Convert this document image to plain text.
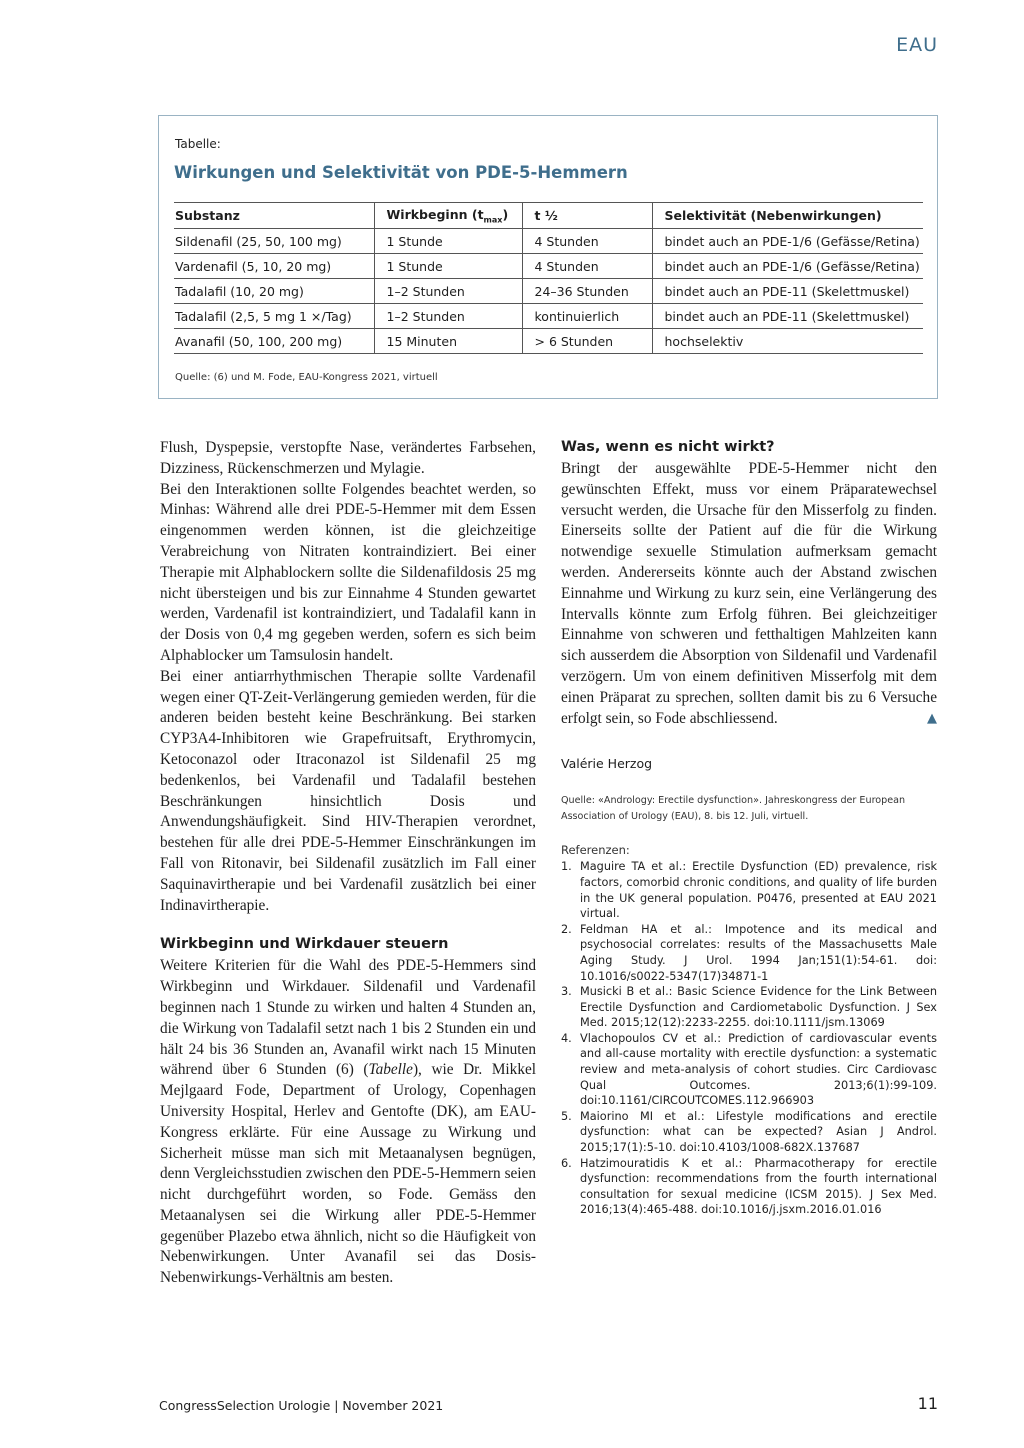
EAU
Tabelle:
Wirkungen und Selektivität von PDE-5-Hemmern
Substanz	Wirkbeginn $(t_{max})$	t ½	Selektivität (Nebenwirkungen)
Sildenafil (25, 50, 100 mg)	1 Stunde	4 Stunden	bindet auch an PDE-1/6 (Gefässe/Retina)
Vardenafil (5, 10, 20 mg)	1 Stunde	4 Stunden	bindet auch an PDE-1/6 (Gefässe/Retina)
Tadalafil (10, 20 mg)	1–2 Stunden	24–36 Stunden	bindet auch an PDE-11 (Skelettmuskel)
Tadalafil (2,5, 5 mg 1 ×/Tag)	1–2 Stunden	kontinuierlich	bindet auch an PDE-11 (Skelettmuskel)
Avanafil (50, 100, 200 mg)	15 Minuten	> 6 Stunden	hochselektiv
Quelle: (6) und M. Fode, EAU-Kongress 2021, virtuell

Flush, Dyspepsie, verstopfte Nase, verändertes Farbsehen, Dizziness, Rückenschmerzen und Mylagie.

Bei den Interaktionen sollte Folgendes beachtet werden, so Minhas: Während alle drei PDE-5-Hemmer mit dem Essen eingenommen werden können, ist die gleichzeitige Verabreichung von Nitraten kontraindiziert. Bei einer Therapie mit Alphablockern sollte die Sildenafildosis 25 mg nicht übersteigen und bis zur Einnahme 4 Stunden gewartet werden, Vardenafil ist kontraindiziert, und Tadalafil kann in der Dosis von 0,4 mg gegeben werden, sofern es sich beim Alphablocker um Tamsulosin handelt.

Bei einer antiarrhythmischen Therapie sollte Vardenafil wegen einer QT-Zeit-Verlängerung gemieden werden, für die anderen beiden besteht keine Beschränkung. Bei starken CYP3A4-Inhibitoren wie Grapefruitsaft, Erythromycin, Ketoconazol oder Itraconazol ist Sildenafil 25 mg bedenkenlos, bei Vardenafil und Tadalafil bestehen Beschränkungen hinsichtlich Dosis und Anwendungshäufigkeit. Sind HIV-Therapien verordnet, bestehen für alle drei PDE-5-Hemmer Einschränkungen im Fall von Ritonavir, bei Sildenafil zusätzlich im Fall einer Saquinavirtherapie und bei Vardenafil zusätzlich bei einer Indinavirtherapie.

Wirkbeginn und Wirkdauer steuern

Weitere Kriterien für die Wahl des PDE-5-Hemmers sind Wirkbeginn und Wirkdauer. Sildenafil und Vardenafil beginnen nach 1 Stunde zu wirken und halten 4 Stunden an, die Wirkung von Tadalafil setzt nach 1 bis 2 Stunden ein und hält 24 bis 36 Stunden an, Avanafil wirkt nach 15 Minuten während über 6 Stunden (6) (Tabelle), wie Dr. Mikkel Mejlgaard Fode, Department of Urology, Copenhagen University Hospital, Herlev and Gentofte (DK), am EAU-Kongress erklärte. Für eine Aussage zu Wirkung und Sicherheit müsse man sich mit Metaanalysen begnügen, denn Vergleichsstudien zwischen den PDE-5-Hemmern seien nicht durchgeführt worden, so Fode. Gemäss den Metaanalysen sei die Wirkung aller PDE-5-Hemmer gegenüber Plazebo etwa ähnlich, nicht so die Häufigkeit von Nebenwirkungen. Unter Avanafil sei das Dosis-Nebenwirkungs-Verhältnis am besten.

Was, wenn es nicht wirkt?
Bringt der ausgewählte PDE-5-Hemmer nicht den gewünschten Effekt, muss vor einem Präparatewechsel versucht werden, die Ursache für den Misserfolg zu finden. Einerseits sollte der Patient auf die für die Wirkung notwendige sexuelle Stimulation aufmerksam gemacht werden. Andererseits könnte auch der Abstand zwischen Einnahme und Wirkung zu kurz sein, eine Verlängerung des Intervalls könnte zum Erfolg führen. Bei gleichzeitiger Einnahme von schweren und fetthaltigen Mahlzeiten kann sich ausserdem die Absorption von Sildenafil und Vardenafil verzögern. Um von einem definitiven Misserfolg mit dem einen Präparat zu sprechen, sollten damit bis zu 6 Versuche erfolgt sein, so Fode abschliessend.	▲
Valérie Herzog
Quelle: «Andrology: Erectile dysfunction». Jahreskongress der European Association of Urology (EAU), 8. bis 12. Juli, virtuell.
Referenzen:
1. Maguire TA et al.: Erectile Dysfunction (ED) prevalence, risk factors, comorbid chronic conditions, and quality of life burden in the UK general population. P0476, presented at EAU 2021 virtual.
2. Feldman HA et al.: Impotence and its medical and psychosocial correlates: results of the Massachusetts Male Aging Study. J Urol. 1994 Jan;151(1):54-61. doi: 10.1016/s0022-5347(17)34871-1
3. Musicki B et al.: Basic Science Evidence for the Link Between Erectile Dysfunction and Cardiometabolic Dysfunction. J Sex Med. 2015;12(12):2233-2255. doi:10.1111/jsm.13069
4. Vlachopoulos CV et al.: Prediction of cardiovascular events and all-cause mortality with erectile dysfunction: a systematic review and meta-analysis of cohort studies. Circ Cardiovasc Qual Outcomes. 2013;6(1):99-109. doi:10.1161/CIRCOUTCOMES.112.966903
5. Maiorino MI et al.: Lifestyle modifications and erectile dysfunction: what can be expected? Asian J Androl. 2015;17(1):5-10. doi:10.4103/1008-682X.137687
6. Hatzimouratidis K et al.: Pharmacotherapy for erectile dysfunction: recommendations from the fourth international consultation for sexual medicine (ICSM 2015). J Sex Med. 2016;13(4):465-488. doi:10.1016/j.jsxm.2016.01.016
CongressSelection Urologie | November 2021	11
